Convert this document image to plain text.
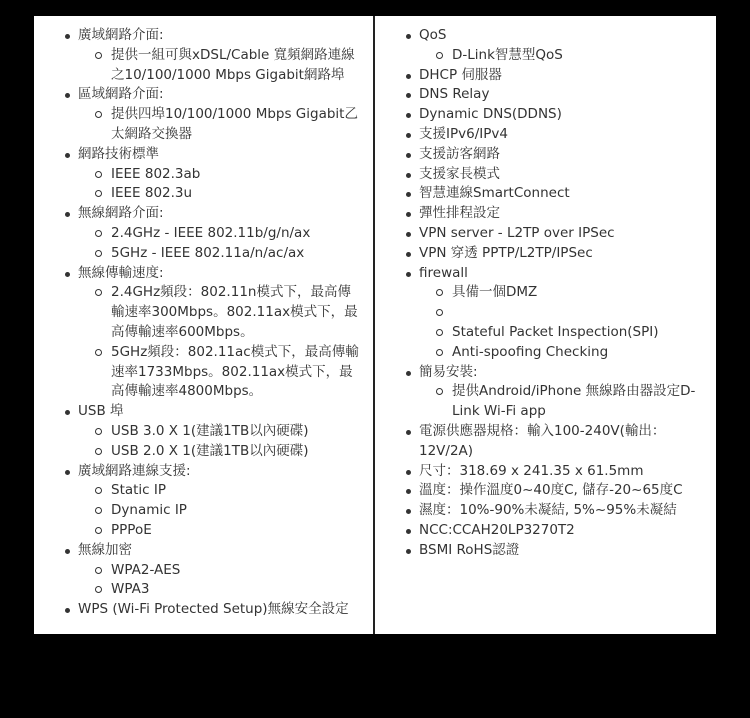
廣域網路介面:
提供一組可與xDSL/Cable 寬頻網路連線之10/100/1000 Mbps Gigabit網路埠
區域網路介面:
提供四埠10/100/1000 Mbps Gigabit乙太網路交換器
網路技術標準
IEEE 802.3ab
IEEE 802.3u
無線網路介面:
2.4GHz - IEEE 802.11b/g/n/ax
5GHz - IEEE 802.11a/n/ac/ax
無線傳輸速度:
2.4GHz頻段：802.11n模式下，最高傳輸速率300Mbps。802.11ax模式下，最高傳輸速率600Mbps。
5GHz頻段：802.11ac模式下，最高傳輸速率1733Mbps。802.11ax模式下，最高傳輸速率4800Mbps。
USB 埠
USB 3.0 X 1(建議1TB以內硬碟)
USB 2.0 X 1(建議1TB以內硬碟)
廣域網路連線支援:
Static IP
Dynamic IP
PPPoE
無線加密
WPA2-AES
WPA3
WPS (Wi-Fi Protected Setup)無線安全設定
QoS
D-Link智慧型QoS
DHCP 伺服器
DNS Relay
Dynamic DNS(DDNS)
支援IPv6/IPv4
支援訪客網路
支援家長模式
智慧連線SmartConnect
彈性排程設定
VPN server - L2TP over IPSec
VPN 穿透 PPTP/L2TP/IPSec
firewall
具備一個DMZ
Stateful Packet Inspection(SPI)
Anti-spoofing Checking
簡易安裝:
提供Android/iPhone 無線路由器設定D-Link Wi-Fi app
電源供應器規格：輸入100-240V(輸出：12V/2A)
尺寸：318.69 x 241.35 x 61.5mm
溫度：操作溫度0~40度C, 儲存-20~65度C
濕度：10%-90%未凝結, 5%~95%未凝結
NCC:CCAH20LP3270T2
BSMI RoHS認證
